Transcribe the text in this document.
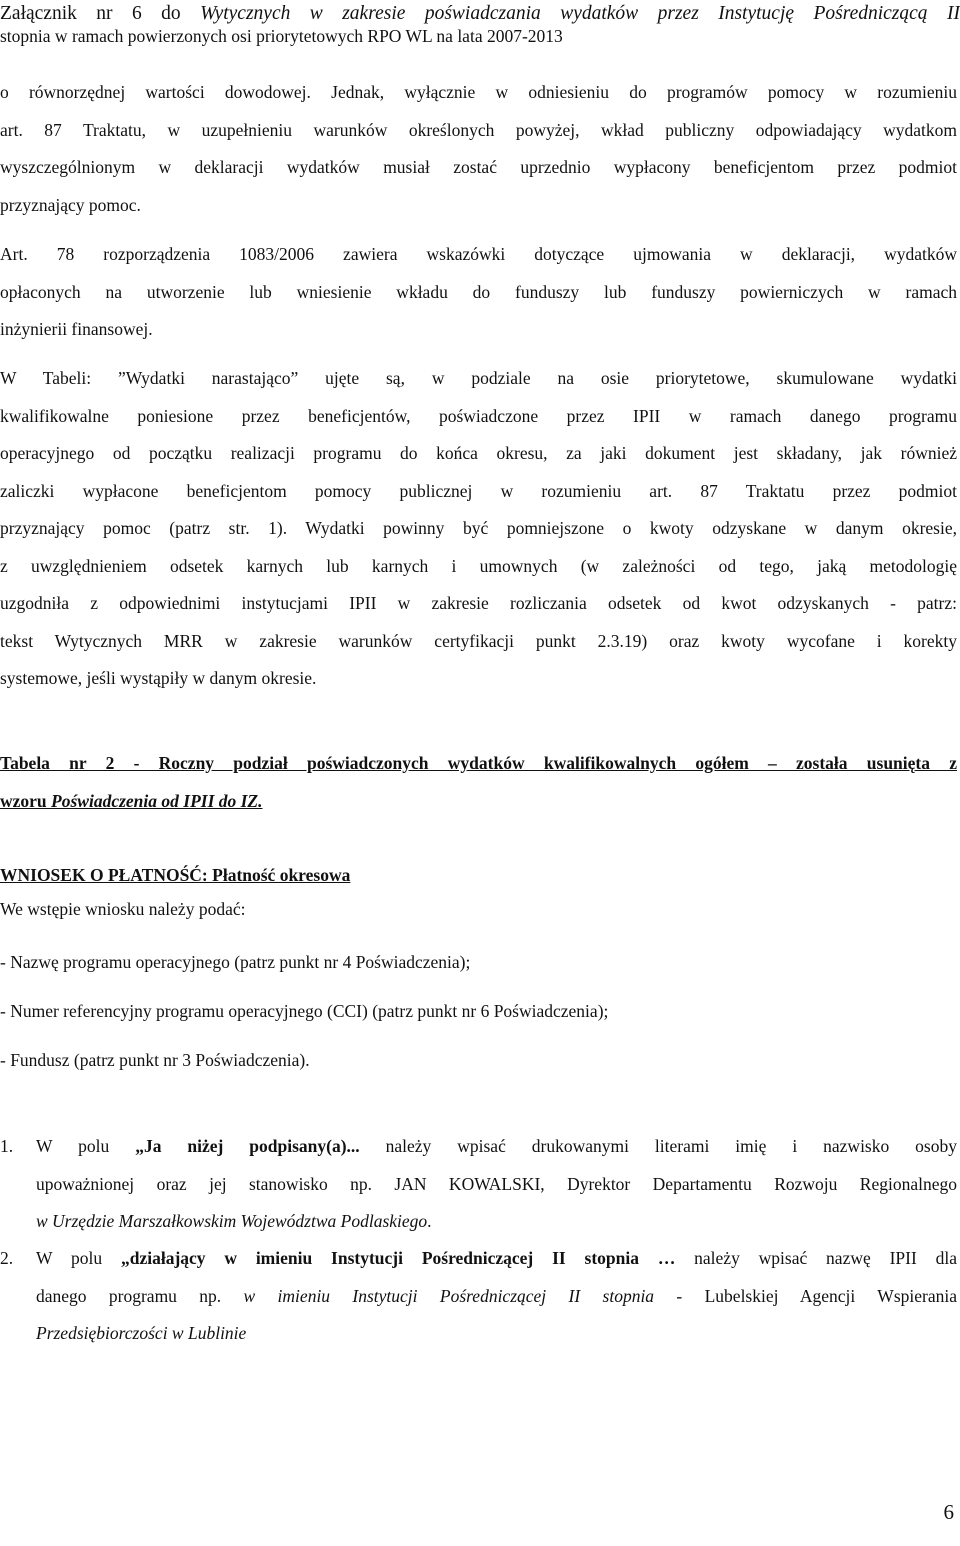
Załącznik nr 6 do Wytycznych w zakresie poświadczania wydatków przez Instytucję Pośredniczącą II
stopnia w ramach powierzonych osi priorytetowych RPO WL na lata 2007-2013
o równorzędnej wartości dowodowej. Jednak, wyłącznie w odniesieniu do programów pomocy w rozumieniu
art. 87 Traktatu, w uzupełnieniu warunków określonych powyżej, wkład publiczny odpowiadający wydatkom
wyszczególnionym w deklaracji wydatków musiał zostać uprzednio wypłacony beneficjentom przez podmiot
przyznający pomoc.
Art. 78 rozporządzenia 1083/2006 zawiera wskazówki dotyczące ujmowania w deklaracji, wydatków
opłaconych na utworzenie lub wniesienie wkładu do funduszy lub funduszy powierniczych w ramach
inżynierii finansowej.
W Tabeli: ”Wydatki narastająco” ujęte są, w podziale na osie priorytetowe, skumulowane wydatki
kwalifikowalne poniesione przez beneficjentów, poświadczone przez IPII w ramach danego programu
operacyjnego od początku realizacji programu do końca okresu, za jaki dokument jest składany, jak również
zaliczki wypłacone beneficjentom pomocy publicznej w rozumieniu art. 87 Traktatu przez podmiot
przyznający pomoc (patrz str. 1). Wydatki powinny być pomniejszone o kwoty odzyskane w danym okresie,
z uwzględnieniem odsetek karnych lub karnych i umownych (w zależności od tego, jaką metodologię
uzgodniła z odpowiednimi instytucjami IPII w zakresie rozliczania odsetek od kwot odzyskanych - patrz:
tekst Wytycznych MRR w zakresie warunków certyfikacji punkt 2.3.19) oraz kwoty wycofane i korekty
systemowe, jeśli wystąpiły w danym okresie.
Tabela nr 2 - Roczny podział poświadczonych wydatków kwalifikowalnych ogółem – została usunięta z
wzoru Poświadczenia od IPII do IZ.
WNIOSEK O PŁATNOŚĆ: Płatność okresowa
We wstępie wniosku należy podać:
- Nazwę programu operacyjnego (patrz punkt nr 4 Poświadczenia);
- Numer referencyjny programu operacyjnego (CCI) (patrz punkt nr 6 Poświadczenia);
- Fundusz (patrz punkt nr 3 Poświadczenia).
1. W polu „Ja niżej podpisany(a)... należy wpisać drukowanymi literami imię i nazwisko osoby
upoważnionej oraz jej stanowisko np. JAN KOWALSKI, Dyrektor Departamentu Rozwoju Regionalnego
w Urzędzie Marszałkowskim Województwa Podlaskiego.
2. W polu „działający w imieniu Instytucji Pośredniczącej II stopnia … należy wpisać nazwę IPII dla
danego programu np. w imieniu Instytucji Pośredniczącej II stopnia - Lubelskiej Agencji Wspierania
Przedsiębiorczości w Lublinie
6
